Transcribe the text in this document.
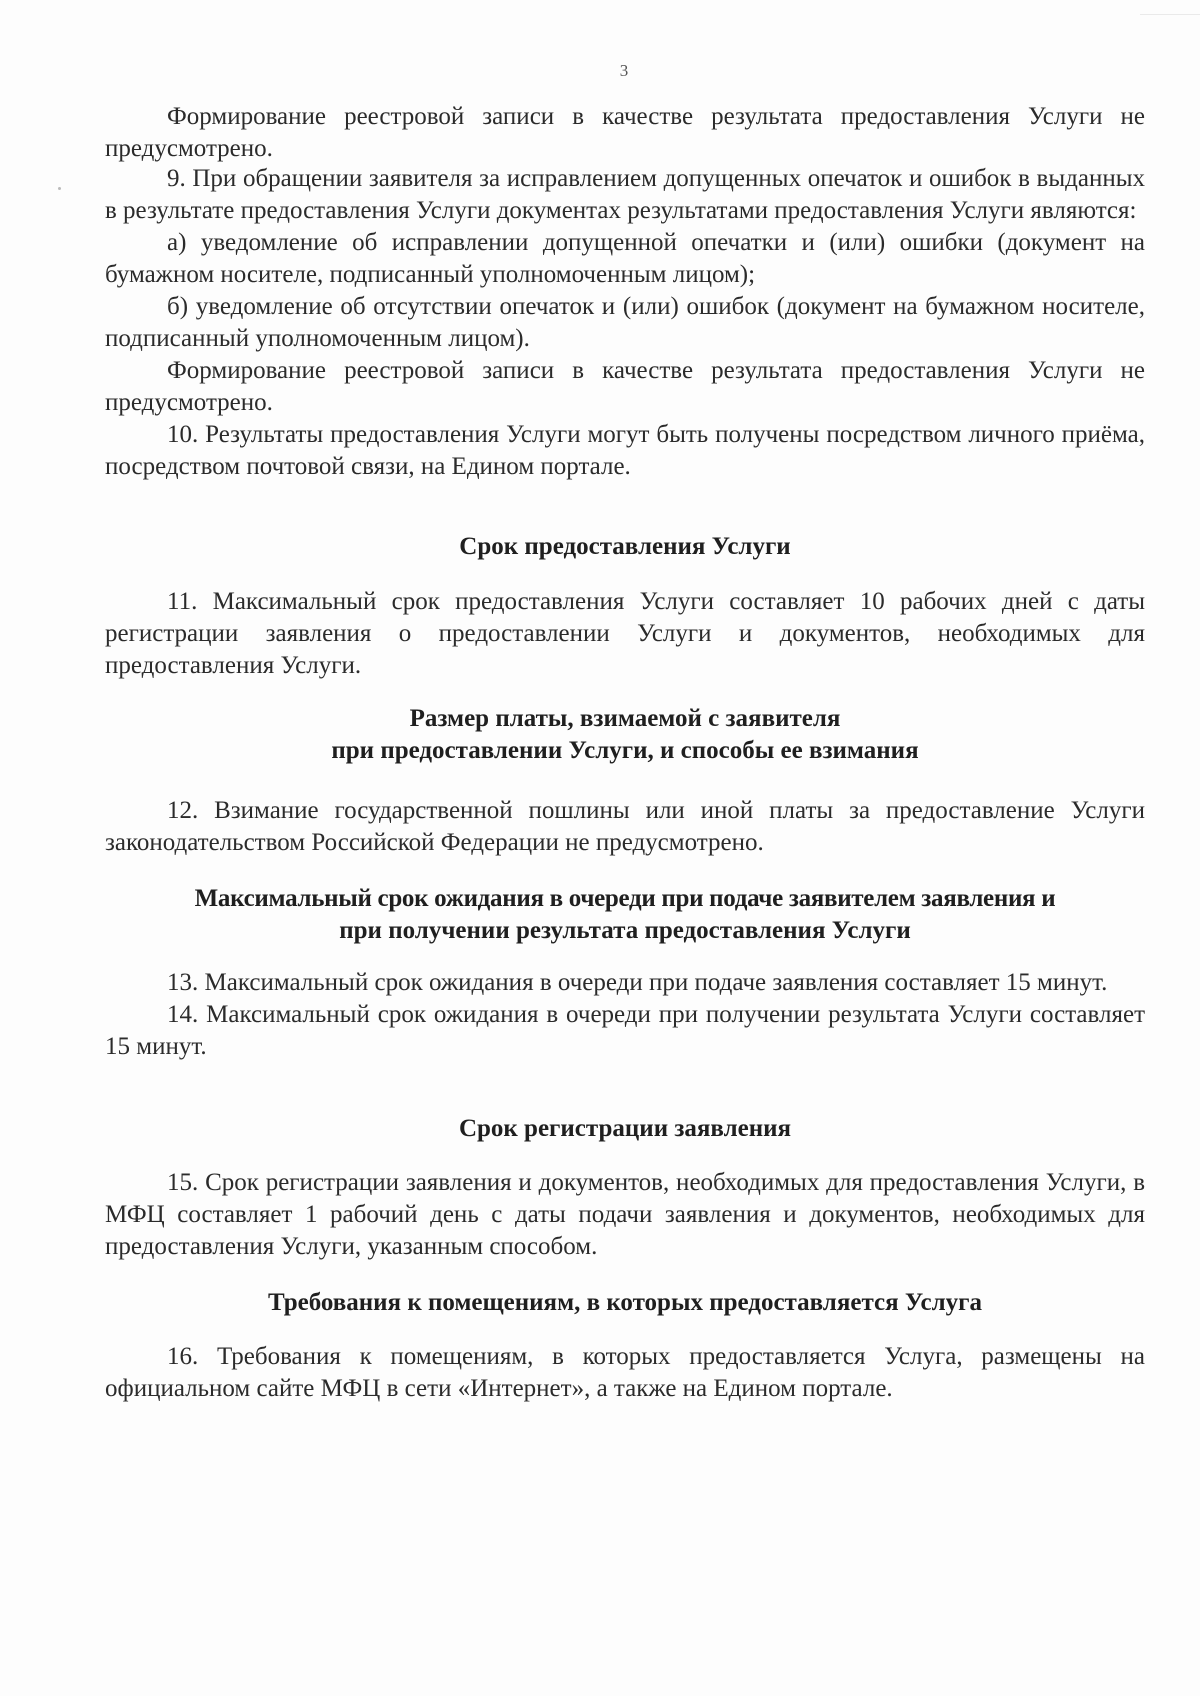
3

Формирование реестровой записи в качестве результата предоставления Услуги не предусмотрено.

9. При обращении заявителя за исправлением допущенных опечаток и ошибок в выданных в результате предоставления Услуги документах результатами предоставления Услуги являются:

а) уведомление об исправлении допущенной опечатки и (или) ошибки (документ на бумажном носителе, подписанный уполномоченным лицом);

б) уведомление об отсутствии опечаток и (или) ошибок (документ на бумажном носителе, подписанный уполномоченным лицом).

Формирование реестровой записи в качестве результата предоставления Услуги не предусмотрено.

10. Результаты предоставления Услуги могут быть получены посредством личного приёма, посредством почтовой связи, на Едином портале.

Срок предоставления Услуги

11. Максимальный срок предоставления Услуги составляет 10 рабочих дней с даты регистрации заявления о предоставлении Услуги и документов, необходимых для предоставления Услуги.

Размер платы, взимаемой с заявителя
при предоставлении Услуги, и способы ее взимания

12. Взимание государственной пошлины или иной платы за предоставление Услуги законодательством Российской Федерации не предусмотрено.

Максимальный срок ожидания в очереди при подаче заявителем заявления и
при получении результата предоставления Услуги

13. Максимальный срок ожидания в очереди при подаче заявления составляет 15 минут.

14. Максимальный срок ожидания в очереди при получении результата Услуги составляет 15 минут.

Срок регистрации заявления

15. Срок регистрации заявления и документов, необходимых для предоставления Услуги, в МФЦ составляет 1 рабочий день с даты подачи заявления и документов, необходимых для предоставления Услуги, указанным способом.

Требования к помещениям, в которых предоставляется Услуга

16. Требования к помещениям, в которых предоставляется Услуга, размещены на официальном сайте МФЦ в сети «Интернет», а также на Едином портале.
